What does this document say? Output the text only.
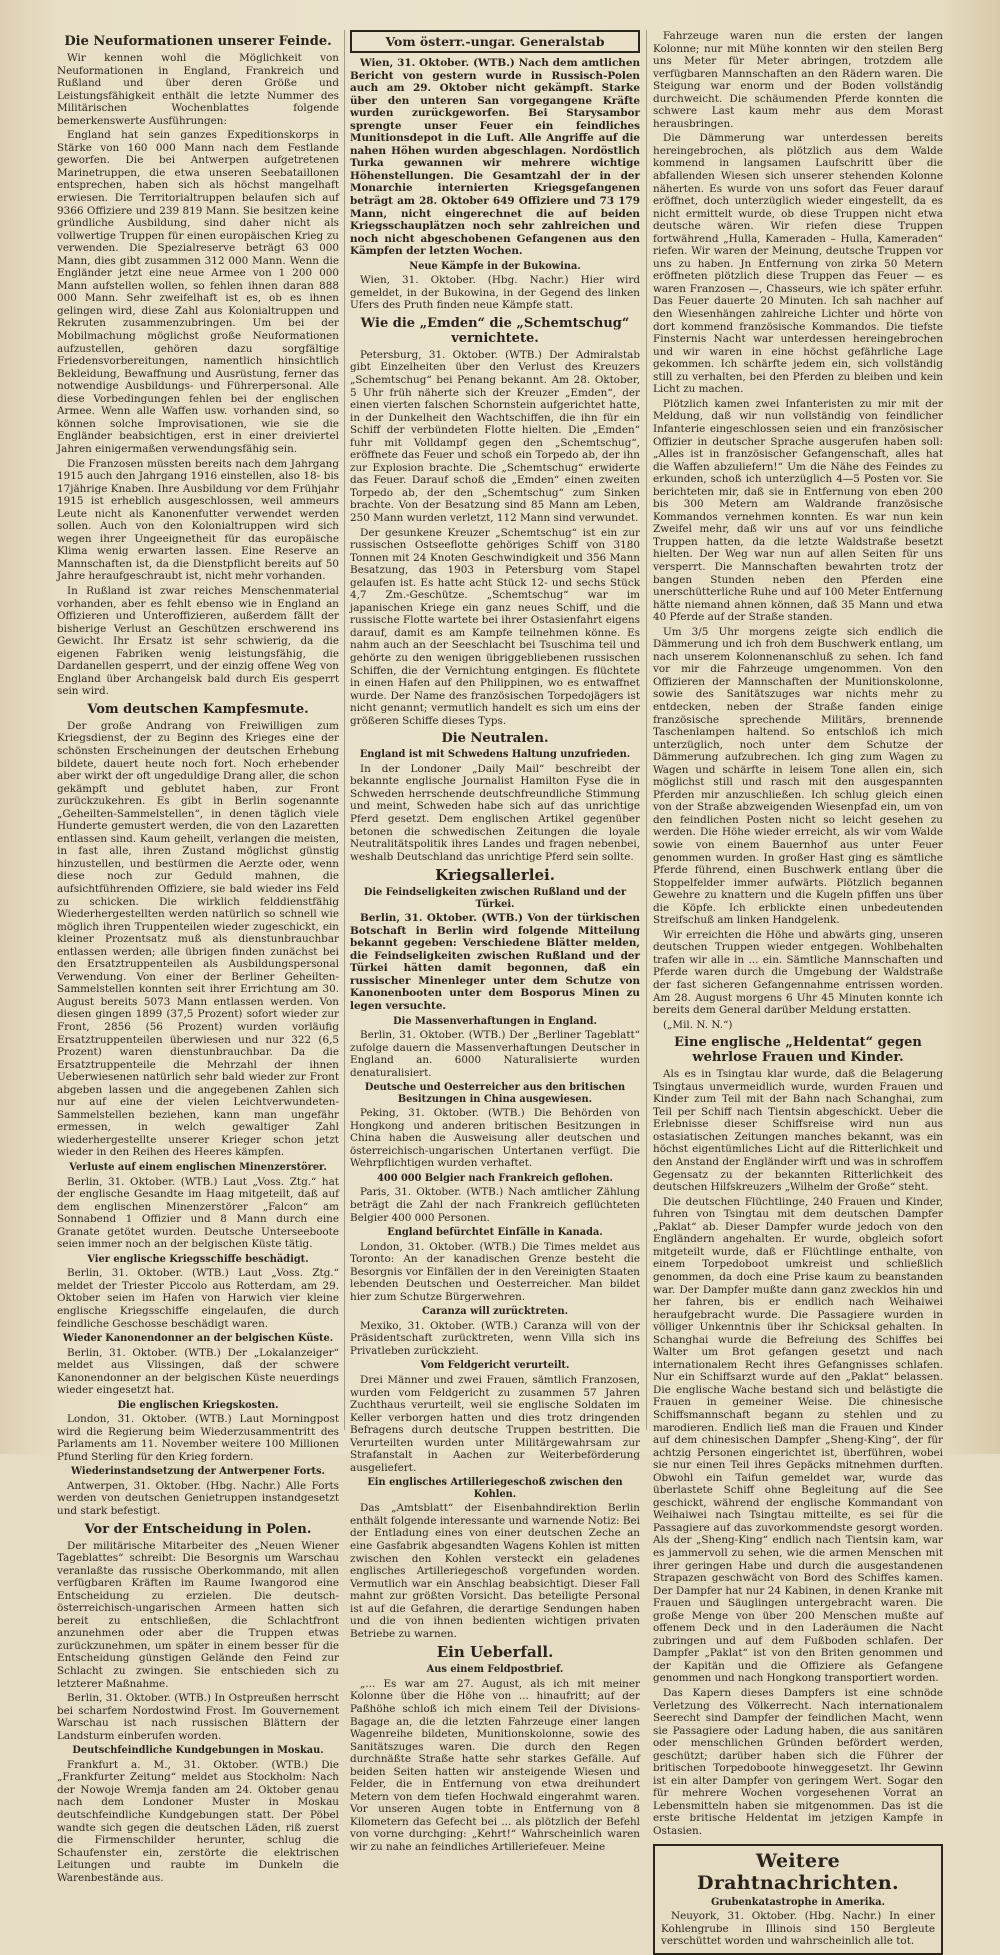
Die Neuformationen unserer Feinde.

Wir kennen wohl die Möglichkeit von Neuformationen in England, Frankreich und Rußland und über deren Größe und Leistungsfähigkeit enthält die letzte Nummer des Militärischen Wochenblattes folgende bemerkenswerte Ausführungen:

England hat sein ganzes Expeditionskorps in Stärke von 160 000 Mann nach dem Festlande geworfen. Die bei Antwerpen aufgetretenen Marinetruppen, die etwa unseren Seebataillonen entsprechen, haben sich als höchst mangelhaft erwiesen. Die Territorialtruppen belaufen sich auf 9366 Offiziere und 239 819 Mann. Sie besitzen keine gründliche Ausbildung, sind daher nicht als vollwertige Truppen für einen europäischen Krieg zu verwenden. Die Spezialreserve beträgt 63 000 Mann, dies gibt zusammen 312 000 Mann. Wenn die Engländer jetzt eine neue Armee von 1 200 000 Mann aufstellen wollen, so fehlen ihnen daran 888 000 Mann. Sehr zweifelhaft ist es, ob es ihnen gelingen wird, diese Zahl aus Kolonialtruppen und Rekruten zusammenzubringen. Um bei der Mobilmachung möglichst große Neuformationen aufzustellen, gehören dazu sorgfältige Friedensvorbereitungen, namentlich hinsichtlich Bekleidung, Bewaffnung und Ausrüstung, ferner das notwendige Ausbildungs- und Führerpersonal. Alle diese Vorbedingungen fehlen bei der englischen Armee. Wenn alle Waffen usw. vorhanden sind, so können solche Improvisationen, wie sie die Engländer beabsichtigen, erst in einer dreiviertel Jahren einigermaßen verwendungsfähig sein.

Die Franzosen müssten bereits nach dem Jahrgang 1915 auch den Jahrgang 1916 einstellen, also 18- bis 17jährige Knaben. Ihre Ausbildung vor dem Frühjahr 1915 ist erheblich ausgeschlossen, weil ammeurs Leute nicht als Kanonenfutter verwendet werden sollen. Auch von den Kolonialtruppen wird sich wegen ihrer Ungeeignetheit für das europäische Klima wenig erwarten lassen. Eine Reserve an Mannschaften ist, da die Dienstpflicht bereits auf 50 Jahre heraufgeschraubt ist, nicht mehr vorhanden.

In Rußland ist zwar reiches Menschenmaterial vorhanden, aber es fehlt ebenso wie in England an Offizieren und Unteroffizieren, außerdem fällt der bisherige Verlust an Geschützen erschwerend ins Gewicht. Ihr Ersatz ist sehr schwierig, da die eigenen Fabriken wenig leistungsfähig, die Dardanellen gesperrt, und der einzig offene Weg von England über Archangelsk bald durch Eis gesperrt sein wird.

Vom deutschen Kampfesmute.

Der große Andrang von Freiwilligen zum Kriegsdienst, der zu Beginn des Krieges eine der schönsten Erscheinungen der deutschen Erhebung bildete, dauert heute noch fort. Noch erhebender aber wirkt der oft ungeduldige Drang aller, die schon gekämpft und geblutet haben, zur Front zurückzukehren. Es gibt in Berlin sogenannte „Geheilten-Sammelstellen“, in denen täglich viele Hunderte gemustert werden, die von den Lazaretten entlassen sind. Kaum geheilt, verlangen die meisten, in fast alle, ihren Zustand möglichst günstig hinzustellen, und bestürmen die Aerzte oder, wenn diese noch zur Geduld mahnen, die aufsichtführenden Offiziere, sie bald wieder ins Feld zu schicken. Die wirklich felddienstfähig Wiederhergestellten werden natürlich so schnell wie möglich ihren Truppenteilen wieder zugeschickt, ein kleiner Prozentsatz muß als dienstunbrauchbar entlassen werden; alle übrigen finden zunächst bei den Ersatztruppenteilen als Ausbildungspersonal Verwendung. Von einer der Berliner Geheilten-Sammelstellen konnten seit ihrer Errichtung am 30. August bereits 5073 Mann entlassen werden. Von diesen gingen 1899 (37,5 Prozent) sofort wieder zur Front, 2856 (56 Prozent) wurden vorläufig Ersatztruppenteilen überwiesen und nur 322 (6,5 Prozent) waren dienstunbrauchbar. Da die Ersatztruppenteile die Mehrzahl der ihnen Ueberwiesenen natürlich sehr bald wieder zur Front abgeben lassen und die angegebenen Zahlen sich nur auf eine der vielen Leichtverwundeten-Sammelstellen beziehen, kann man ungefähr ermessen, in welch gewaltiger Zahl wiederhergestellte unserer Krieger schon jetzt wieder in den Reihen des Heeres kämpfen.

Verluste auf einem englischen Minenzerstörer.

Berlin, 31. Oktober. (WTB.) Laut „Voss. Ztg.“ hat der englische Gesandte im Haag mitgeteilt, daß auf dem englischen Minenzerstörer „Falcon“ am Sonnabend 1 Offizier und 8 Mann durch eine Granate getötet wurden. Deutsche Unterseeboote seien immer noch an der belgischen Küste tätig.

Vier englische Kriegsschiffe beschädigt.

Berlin, 31. Oktober. (WTB.) Laut „Voss. Ztg.“ meldet der Triester Piccolo aus Rotterdam, am 29. Oktober seien im Hafen von Harwich vier kleine englische Kriegsschiffe eingelaufen, die durch feindliche Geschosse beschädigt waren.

Wieder Kanonendonner an der belgischen Küste.

Berlin, 31. Oktober. (WTB.) Der „Lokalanzeiger“ meldet aus Vlissingen, daß der schwere Kanonendonner an der belgischen Küste neuerdings wieder eingesetzt hat.

Die englischen Kriegskosten.

London, 31. Oktober. (WTB.) Laut Morningpost wird die Regierung beim Wiederzusammentritt des Parlaments am 11. November weitere 100 Millionen Pfund Sterling für den Krieg fordern.

Wiederinstandsetzung der Antwerpener Forts.

Antwerpen, 31. Oktober. (Hbg. Nachr.) Alle Forts werden von deutschen Genietruppen instandgesetzt und stark befestigt.

Vor der Entscheidung in Polen.

Der militärische Mitarbeiter des „Neuen Wiener Tageblattes“ schreibt: Die Besorgnis um Warschau veranlaßte das russische Oberkommando, mit allen verfügbaren Kräften im Raume Iwangorod eine Entscheidung zu erzielen. Die deutsch-österreichisch-ungarischen Armeen hatten sich bereit zu entschließen, die Schlachtfront anzunehmen oder aber die Truppen etwas zurückzunehmen, um später in einem besser für die Entscheidung günstigen Gelände den Feind zur Schlacht zu zwingen. Sie entschieden sich zu letzterer Maßnahme.

Berlin, 31. Oktober. (WTB.) In Ostpreußen herrscht bei scharfem Nordostwind Frost. Im Gouvernement Warschau ist nach russischen Blättern der Landsturm einberufen worden.

Deutschfeindliche Kundgebungen in Moskau.

Frankfurt a. M., 31. Oktober. (WTB.) Die „Frankfurter Zeitung“ meldet aus Stockholm: Nach der Nowoje Wremja fanden am 24. Oktober genau nach dem Londoner Muster in Moskau deutschfeindliche Kundgebungen statt. Der Pöbel wandte sich gegen die deutschen Läden, riß zuerst die Firmenschilder herunter, schlug die Schaufenster ein, zerstörte die elektrischen Leitungen und raubte im Dunkeln die Warenbestände aus.

Vom österr.-ungar. Generalstab

Wien, 31. Oktober. (WTB.) Nach dem amtlichen Bericht von gestern wurde in Russisch-Polen auch am 29. Oktober nicht gekämpft. Starke über den unteren San vorgegangene Kräfte wurden zurückgeworfen. Bei Starysambor sprengte unser Feuer ein feindliches Munitionsdepot in die Luft. Alle Angriffe auf die nahen Höhen wurden abgeschlagen. Nordöstlich Turka gewannen wir mehrere wichtige Höhenstellungen. Die Gesamtzahl der in der Monarchie internierten Kriegsgefangenen beträgt am 28. Oktober 649 Offiziere und 73 179 Mann, nicht eingerechnet die auf beiden Kriegsschauplätzen noch sehr zahlreichen und noch nicht abgeschobenen Gefangenen aus den Kämpfen der letzten Wochen.

Neue Kämpfe in der Bukowina.

Wien, 31. Oktober. (Hbg. Nachr.) Hier wird gemeldet, in der Bukowina, in der Gegend des linken Ufers des Pruth finden neue Kämpfe statt.

Wie die „Emden“ die „Schemtschug“ vernichtete.

Petersburg, 31. Oktober. (WTB.) Der Admiralstab gibt Einzelheiten über den Verlust des Kreuzers „Schemtschug“ bei Penang bekannt. Am 28. Oktober, 5 Uhr früh näherte sich der Kreuzer „Emden“, der einen vierten falschen Schornstein aufgerichtet hatte, in der Dunkelheit den Wachtschiffen, die ihn für ein Schiff der verbündeten Flotte hielten. Die „Emden“ fuhr mit Volldampf gegen den „Schemtschug“, eröffnete das Feuer und schoß ein Torpedo ab, der ihn zur Explosion brachte. Die „Schemtschug“ erwiderte das Feuer. Darauf schoß die „Emden“ einen zweiten Torpedo ab, der den „Schemtschug“ zum Sinken brachte. Von der Besatzung sind 85 Mann am Leben, 250 Mann wurden verletzt, 112 Mann sind verwundet.

Der gesunkene Kreuzer „Schemtschug“ ist ein zur russischen Ostseeflotte gehöriges Schiff von 3180 Tonnen mit 24 Knoten Geschwindigkeit und 356 Mann Besatzung, das 1903 in Petersburg vom Stapel gelaufen ist. Es hatte acht Stück 12- und sechs Stück 4,7 Zm.-Geschütze. „Schemtschug“ war im japanischen Kriege ein ganz neues Schiff, und die russische Flotte wartete bei ihrer Ostasienfahrt eigens darauf, damit es am Kampfe teilnehmen könne. Es nahm auch an der Seeschlacht bei Tsuschima teil und gehörte zu den wenigen übriggebliebenen russischen Schiffen, die der Vernichtung entgingen. Es flüchtete in einen Hafen auf den Philippinen, wo es entwaffnet wurde. Der Name des französischen Torpedojägers ist nicht genannt; vermutlich handelt es sich um eins der größeren Schiffe dieses Typs.

Die Neutralen.
England ist mit Schwedens Haltung unzufrieden.

In der Londoner „Daily Mail“ beschreibt der bekannte englische Journalist Hamilton Fyse die in Schweden herrschende deutschfreundliche Stimmung und meint, Schweden habe sich auf das unrichtige Pferd gesetzt. Dem englischen Artikel gegenüber betonen die schwedischen Zeitungen die loyale Neutralitätspolitik ihres Landes und fragen nebenbei, weshalb Deutschland das unrichtige Pferd sein sollte.

Kriegsallerlei.
Die Feindseligkeiten zwischen Rußland und der Türkei.

Berlin, 31. Oktober. (WTB.) Von der türkischen Botschaft in Berlin wird folgende Mitteilung bekannt gegeben: Verschiedene Blätter melden, die Feindseligkeiten zwischen Rußland und der Türkei hätten damit begonnen, daß ein russischer Minenleger unter dem Schutze von Kanonenbooten unter dem Bosporus Minen zu legen versuchte.

Die Massenverhaftungen in England.

Berlin, 31. Oktober. (WTB.) Der „Berliner Tageblatt“ zufolge dauern die Massenverhaftungen Deutscher in England an. 6000 Naturalisierte wurden denaturalisiert.

Deutsche und Oesterreicher aus den britischen Besitzungen in China ausgewiesen.

Peking, 31. Oktober. (WTB.) Die Behörden von Hongkong und anderen britischen Besitzungen in China haben die Ausweisung aller deutschen und österreichisch-ungarischen Untertanen verfügt. Die Wehrpflichtigen wurden verhaftet.

400 000 Belgier nach Frankreich geflohen.

Paris, 31. Oktober. (WTB.) Nach amtlicher Zählung beträgt die Zahl der nach Frankreich geflüchteten Belgier 400 000 Personen.

England befürchtet Einfälle in Kanada.

London, 31. Oktober. (WTB.) Die Times meldet aus Toronto: An der kanadischen Grenze besteht die Besorgnis vor Einfällen der in den Vereinigten Staaten lebenden Deutschen und Oesterreicher. Man bildet hier zum Schutze Bürgerwehren.

Caranza will zurücktreten.

Mexiko, 31. Oktober. (WTB.) Caranza will von der Präsidentschaft zurücktreten, wenn Villa sich ins Privatleben zurückzieht.

Vom Feldgericht verurteilt.

Drei Männer und zwei Frauen, sämtlich Franzosen, wurden vom Feldgericht zu zusammen 57 Jahren Zuchthaus verurteilt, weil sie englische Soldaten im Keller verborgen hatten und dies trotz dringenden Befragens durch deutsche Truppen bestritten. Die Verurteilten wurden unter Militärgewahrsam zur Strafanstalt in Aachen zur Weiterbeförderung ausgeliefert.

Ein englisches Artilleriegeschoß zwischen den Kohlen.

Das „Amtsblatt“ der Eisenbahndirektion Berlin enthält folgende interessante und warnende Notiz: Bei der Entladung eines von einer deutschen Zeche an eine Gasfabrik abgesandten Wagens Kohlen ist mitten zwischen den Kohlen versteckt ein geladenes englisches Artilleriegeschoß vorgefunden worden. Vermutlich war ein Anschlag beabsichtigt. Dieser Fall mahnt zur größten Vorsicht. Das beteiligte Personal ist auf die Gefahren, die derartige Sendungen haben und die von ihnen bedienten wichtigen privaten Betriebe zu warnen.

Ein Ueberfall.
Aus einem Feldpostbrief.

„... Es war am 27. August, als ich mit meiner Kolonne über die Höhe von ... hinaufritt; auf der Paßhöhe schloß ich mich einem Teil der Divisions-Bagage an, die die letzten Fahrzeuge einer langen Wagenreihe bildeten, Munitionskolonne, sowie des Sanitätszuges waren. Die durch den Regen durchnäßte Straße hatte sehr starkes Gefälle. Auf beiden Seiten hatten wir ansteigende Wiesen und Felder, die in Entfernung von etwa dreihundert Metern von dem tiefen Hochwald eingerahmt waren. Vor unseren Augen tobte in Entfernung von 8 Kilometern das Gefecht bei ... als plötzlich der Befehl von vorne durchging: „Kehrt!“ Wahrscheinlich waren wir zu nahe an feindliches Artilleriefeuer. Meine

Fahrzeuge waren nun die ersten der langen Kolonne; nur mit Mühe konnten wir den steilen Berg uns Meter für Meter abringen, trotzdem alle verfügbaren Mannschaften an den Rädern waren. Die Steigung war enorm und der Boden vollständig durchweicht. Die schäumenden Pferde konnten die schwere Last kaum mehr aus dem Morast herausbringen.

Die Dämmerung war unterdessen bereits hereingebrochen, als plötzlich aus dem Walde kommend in langsamen Laufschritt über die abfallenden Wiesen sich unserer stehenden Kolonne näherten. Es wurde von uns sofort das Feuer darauf eröffnet, doch unterzüglich wieder eingestellt, da es nicht ermittelt wurde, ob diese Truppen nicht etwa deutsche wären. Wir riefen diese Truppen fortwährend „Hulla, Kameraden – Hulla, Kameraden“ riefen. Wir waren der Meinung, deutsche Truppen vor uns zu haben. Jn Entfernung von zirka 50 Metern eröffneten plötzlich diese Truppen das Feuer — es waren Franzosen —, Chasseurs, wie ich später erfuhr. Das Feuer dauerte 20 Minuten. Ich sah nachher auf den Wiesenhängen zahlreiche Lichter und hörte von dort kommend französische Kommandos. Die tiefste Finsternis Nacht war unterdessen hereingebrochen und wir waren in eine höchst gefährliche Lage gekommen. Ich schärfte jedem ein, sich vollständig still zu verhalten, bei den Pferden zu bleiben und kein Licht zu machen.

Plötzlich kamen zwei Infanteristen zu mir mit der Meldung, daß wir nun vollständig von feindlicher Infanterie eingeschlossen seien und ein französischer Offizier in deutscher Sprache ausgerufen haben soll: „Alles ist in französischer Gefangenschaft, alles hat die Waffen abzuliefern!“ Um die Nähe des Feindes zu erkunden, schoß ich unterzüglich 4—5 Posten vor. Sie berichteten mir, daß sie in Entfernung von eben 200 bis 300 Metern am Waldrande französische Kommandos vernehmen konnten. Es war nun kein Zweifel mehr, daß wir uns auf vor uns feindliche Truppen hatten, da die letzte Waldstraße besetzt hielten. Der Weg war nun auf allen Seiten für uns versperrt. Die Mannschaften bewahrten trotz der bangen Stunden neben den Pferden eine unerschütterliche Ruhe und auf 100 Meter Entfernung hätte niemand ahnen können, daß 35 Mann und etwa 40 Pferde auf der Straße standen.

Um 3/5 Uhr morgens zeigte sich endlich die Dämmerung und ich froh dem Buschwerk entlang, um nach unserem Kolonnenanschluß zu sehen. Ich fand vor mir die Fahrzeuge umgenommen. Von den Offizieren der Mannschaften der Munitionskolonne, sowie des Sanitätszuges war nichts mehr zu entdecken, neben der Straße fanden einige französische sprechende Militärs, brennende Taschenlampen haltend. So entschloß ich mich unterzüglich, noch unter dem Schutze der Dämmerung aufzubrechen. Ich ging zum Wagen zu Wagen und schärfte in leisem Tone allen ein, sich möglichst still und rasch mit den ausgespannten Pferden mir anzuschließen. Ich schlug gleich einen von der Straße abzweigenden Wiesenpfad ein, um von den feindlichen Posten nicht so leicht gesehen zu werden. Die Höhe wieder erreicht, als wir vom Walde sowie von einem Bauernhof aus unter Feuer genommen wurden. In großer Hast ging es sämtliche Pferde führend, einen Buschwerk entlang über die Stoppelfelder immer aufwärts. Plötzlich begannen Gewehre zu knattern und die Kugeln pfiffen uns über die Köpfe. Ich erblickte einen unbedeutenden Streifschuß am linken Handgelenk.

Wir erreichten die Höhe und abwärts ging, unseren deutschen Truppen wieder entgegen. Wohlbehalten trafen wir alle in ... ein. Sämtliche Mannschaften und Pferde waren durch die Umgebung der Waldstraße der fast sicheren Gefangennahme entrissen worden. Am 28. August morgens 6 Uhr 45 Minuten konnte ich bereits dem General darüber Meldung erstatten.

(„Mil. N. N.“)

Eine englische „Heldentat“ gegen wehrlose Frauen und Kinder.

Als es in Tsingtau klar wurde, daß die Belagerung Tsingtaus unvermeidlich wurde, wurden Frauen und Kinder zum Teil mit der Bahn nach Schanghai, zum Teil per Schiff nach Tientsin abgeschickt. Ueber die Erlebnisse dieser Schiffsreise wird nun aus ostasiatischen Zeitungen manches bekannt, was ein höchst eigentümliches Licht auf die Ritterlichkeit und den Anstand der Engländer wirft und was in schroffem Gegensatz zu der bekannten Ritterlichkeit des deutschen Hilfskreuzers „Wilhelm der Große“ steht.

Die deutschen Flüchtlinge, 240 Frauen und Kinder, fuhren von Tsingtau mit dem deutschen Dampfer „Paklat“ ab. Dieser Dampfer wurde jedoch von den Engländern angehalten. Er wurde, obgleich sofort mitgeteilt wurde, daß er Flüchtlinge enthalte, von einem Torpedoboot umkreist und schließlich genommen, da doch eine Prise kaum zu beanstanden war. Der Dampfer mußte dann ganz zwecklos hin und her fahren, bis er endlich nach Weihaiwei heraufgebracht wurde. Die Passagiere wurden in völliger Unkenntnis über ihr Schicksal gehalten. In Schanghai wurde die Befreiung des Schiffes bei Walter um Brot gefangen gesetzt und nach internationalem Recht ihres Gefangnisses schlafen. Nur ein Schiffsarzt wurde auf den „Paklat“ belassen. Die englische Wache bestand sich und belästigte die Frauen in gemeiner Weise. Die chinesische Schiffsmannschaft begann zu stehlen und zu marodieren. Endlich ließ man die Frauen und Kinder auf dem chinesischen Dampfer „Sheng-King“, der für achtzig Personen eingerichtet ist, überführen, wobei sie nur einen Teil ihres Gepäcks mitnehmen durften. Obwohl ein Taifun gemeldet war, wurde das überlastete Schiff ohne Begleitung auf die See geschickt, während der englische Kommandant von Weihaiwei nach Tsingtau mitteilte, es sei für die Passagiere auf das zuvorkommendste gesorgt worden. Als der „Sheng-King“ endlich nach Tientsin kam, war es jammervoll zu sehen, wie die armen Menschen mit ihrer geringen Habe und durch die ausgestandenen Strapazen geschwächt von Bord des Schiffes kamen. Der Dampfer hat nur 24 Kabinen, in denen Kranke mit Frauen und Säuglingen untergebracht waren. Die große Menge von über 200 Menschen mußte auf offenem Deck und in den Laderäumen die Nacht zubringen und auf dem Fußboden schlafen. Der Dampfer „Paklat“ ist von den Briten genommen und der Kapitän und die Offiziere als Gefangene genommen und nach Hongkong transportiert worden.

Das Kapern dieses Dampfers ist eine schnöde Verletzung des Völkerrecht. Nach internationalem Seerecht sind Dampfer der feindlichen Macht, wenn sie Passagiere oder Ladung haben, die aus sanitären oder menschlichen Gründen befördert werden, geschützt; darüber haben sich die Führer der britischen Torpedoboote hinweggesetzt. Ihr Gewinn ist ein alter Dampfer von geringem Wert. Sogar den für mehrere Wochen vorgesehenen Vorrat an Lebensmitteln haben sie mitgenommen. Das ist die erste britische Heldentat im jetzigen Kampfe in Ostasien.

Weitere Drahtnachrichten.
Grubenkatastrophe in Amerika.

Neuyork, 31. Oktober. (Hbg. Nachr.) In einer Kohlengrube in Illinois sind 150 Bergleute verschüttet worden und wahrscheinlich alle tot.
